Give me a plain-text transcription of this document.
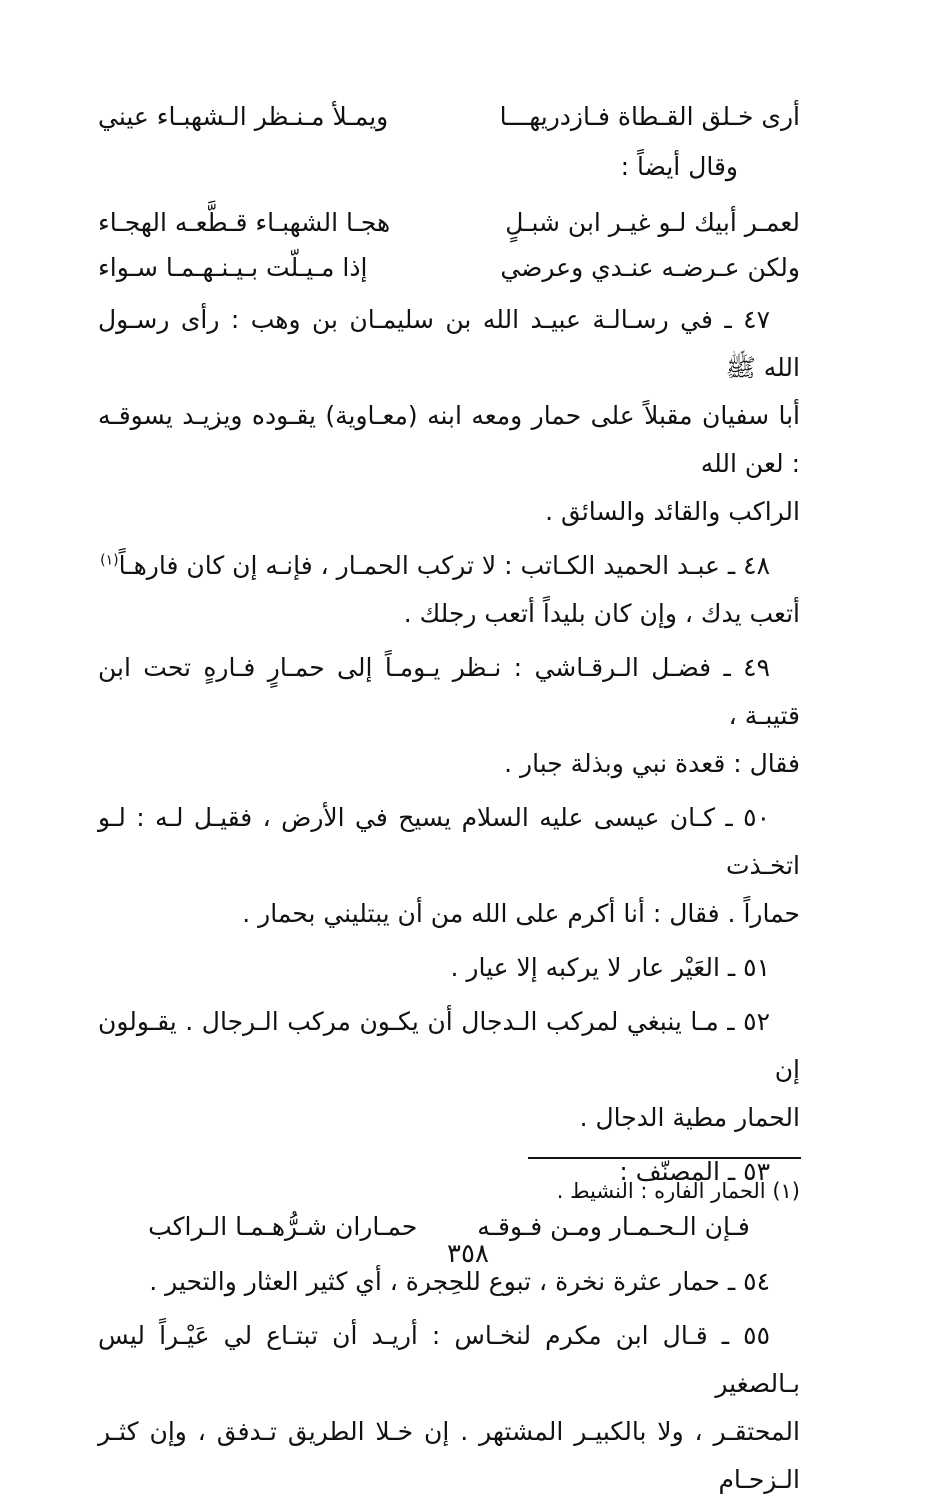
أرى خـلق القـطاة فـازدريهـــا
ويمـلأ مـنـظر الـشهبـاء عيني
وقال أيضاً :
لعمـر أبيك لـو غيـر ابن شبـلٍ
هجـا الشهبـاء قـطَّعـه الهجـاء
ولكن عـرضـه عنـدي وعرضي
إذا مـيـلّت بـيـنـهـمـا سـواء
٤٧ ـ في رسـالـة عبيـد الله بن سليمـان بن وهب : رأى رسـول الله ﷺ
أبا سفيان مقبلاً على حمار ومعه ابنه (معـاوية) يقـوده ويزيـد يسوقـه : لعن الله
الراكب والقائد والسائق .
٤٨ ـ عبـد الحميد الكـاتب : لا تركب الحمـار ، فإنـه إن كان فارهـاً$^{(١)}$
أتعب يدك ، وإن كان بليداً أتعب رجلك .
٤٩ ـ فضـل الـرقـاشي : نـظر يـومـاً إلى حمـارٍ فـارهٍ تحت ابن قتيبـة ،
فقال : قعدة نبي وبذلة جبار .
٥٠ ـ كـان عيسى عليه السلام يسيح في الأرض ، فقيـل لـه : لـو اتخـذت
حماراً . فقال : أنا أكرم على الله من أن يبتليني بحمار .
٥١ ـ العَيْر عار لا يركبه إلا عيار .
٥٢ ـ مـا ينبغي لمركب الـدجال أن يكـون مركب الـرجال . يقـولون إن
الحمار مطية الدجال .
٥٣ ـ المصنّف :
فـإن الـحـمـار ومـن فـوقـه
حمـاران شـرُّهـمـا الـراكب
٥٤ ـ حمار عثرة نخرة ، تبوع للحِجرة ، أي كثير العثار والتحير .
٥٥ ـ قـال ابن مكرم لنخـاس : أريـد أن تبتـاع لي عَيْـراً ليس بـالصغير
المحتقـر ، ولا بالكبيـر المشتهر . إن خـلا الطريق تـدفق ، وإن كثـر الـزحـام
(١) الحمار الفاره : النشيط .
٣٥٨
